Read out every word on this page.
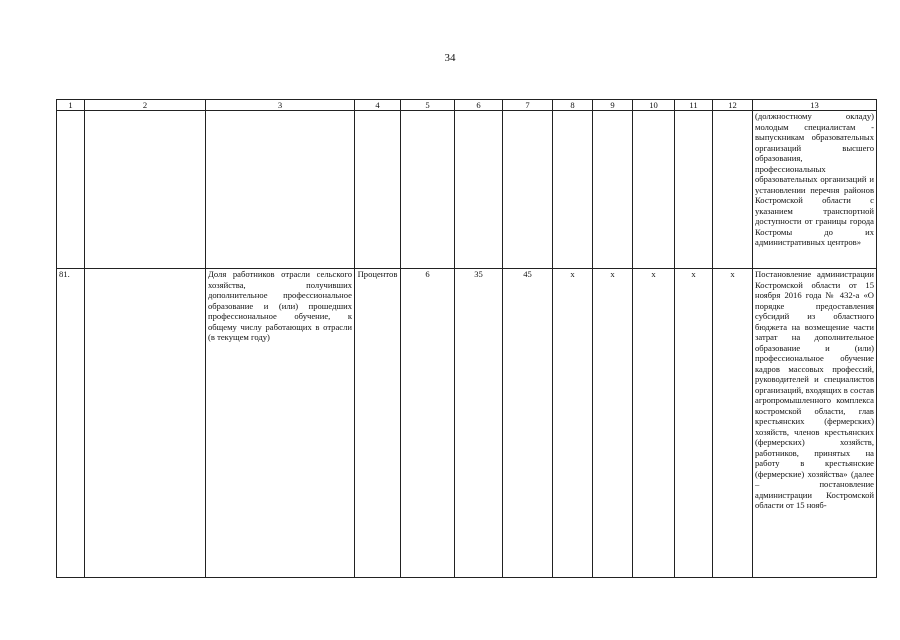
34
1	2	3	4	5	6	7	8	9	10	11	12	13
												(должностному окладу) молодым специалистам - выпускникам образовательных организаций высшего образования, профессиональных образовательных организаций и установлении перечня районов Костромской области с указанием транспортной доступности от границы города Костромы до их административных центров»
81.		Доля работников отрасли сельского хозяйства, получивших дополнительное профессиональное образование и (или) прошедших профессиональное обучение, к общему числу работающих в отрасли (в текущем году)	Процентов	6	35	45	х	х	х	х	х	Постановление администрации Костромской области от 15 ноября 2016 года № 432-а «О порядке предоставления субсидий из областного бюджета на возмещение части затрат на дополнительное образование и (или) профессиональное обучение кадров массовых профессий, руководителей и специалистов организаций, входящих в состав агропромышленного комплекса костромской области, глав крестьянских (фермерских) хозяйств, членов крестьянских (фермерских) хозяйств, работников, принятых на работу в крестьянские (фермерские) хозяйства» (далее – постановление администрации Костромской области от 15 нояб-
